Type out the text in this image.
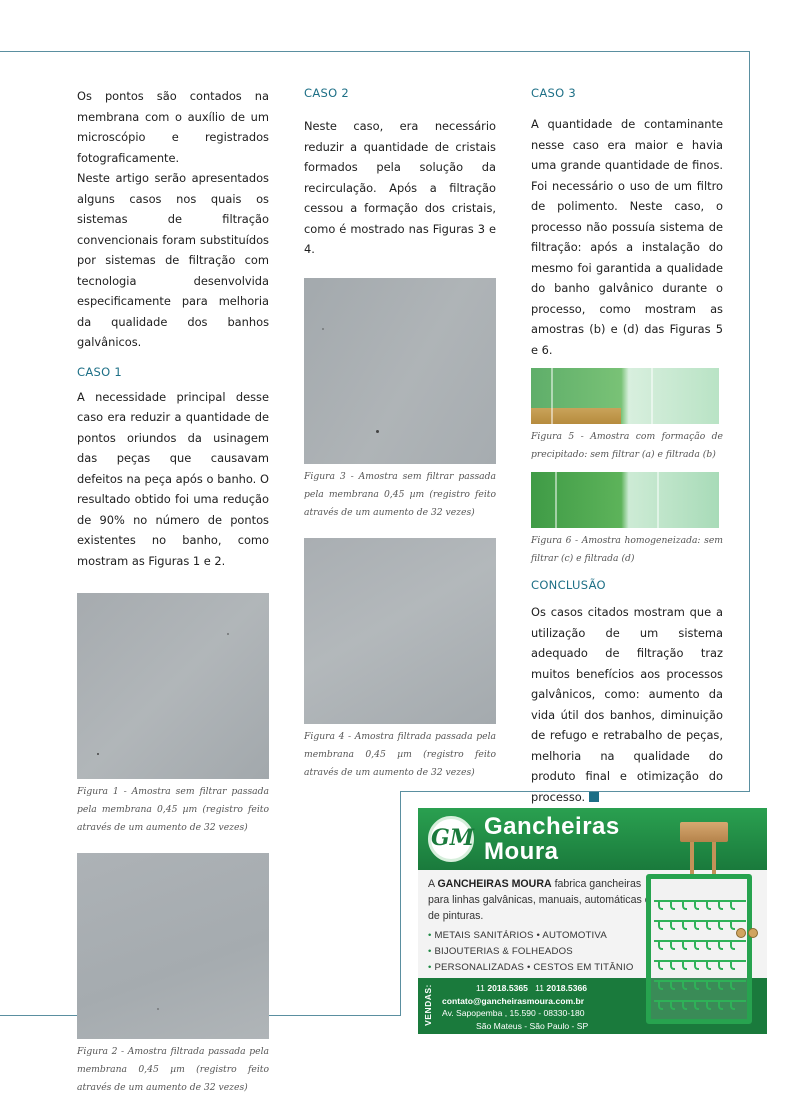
Os pontos são contados na membrana com o auxílio de um microscópio e registrados fotograficamente.

Neste artigo serão apresentados alguns casos nos quais os sistemas de filtração convencionais foram substituídos por sistemas de filtração com tecnologia desenvolvida especificamente para melhoria da qualidade dos banhos galvânicos.

CASO 1

A necessidade principal desse caso era reduzir a quantidade de pontos oriundos da usinagem das peças que causavam defeitos na peça após o banho. O resultado obtido foi uma redução de 90% no número de pontos existentes no banho, como mostram as Figuras 1 e 2.

Figura 1 - Amostra sem filtrar passada pela membrana 0,45 µm (registro feito através de um aumento de 32 vezes)

Figura 2 - Amostra filtrada passada pela membrana 0,45 µm (registro feito através de um aumento de 32 vezes)

CASO 2

Neste caso, era necessário reduzir a quantidade de cristais formados pela solução da recirculação. Após a filtração cessou a formação dos cristais, como é mostrado nas Figuras 3 e 4.

Figura 3 - Amostra sem filtrar passada pela membrana 0,45 µm (registro feito através de um aumento de 32 vezes)

Figura 4 - Amostra filtrada passada pela membrana 0,45 µm (registro feito através de um aumento de 32 vezes)

CASO 3

A quantidade de contaminante nesse caso era maior e havia uma grande quantidade de finos. Foi necessário o uso de um filtro de polimento. Neste caso, o processo não possuía sistema de filtração: após a instalação do mesmo foi garantida a qualidade do banho galvânico durante o processo, como mostram as amostras (b) e (d) das Figuras 5 e 6.

Figura 5 - Amostra com formação de precipitado: sem filtrar (a) e filtrada (b)

Figura 6 - Amostra homogeneizada: sem filtrar (c) e filtrada (d)

CONCLUSÃO

Os casos citados mostram que a utilização de um sistema adequado de filtração traz muitos benefícios aos processos galvânicos, como: aumento da vida útil dos banhos, diminuição de refugo e retrabalho de peças, melhoria na qualidade do produto final e otimização do processo.

GM Gancheiras
Moura
A GANCHEIRAS MOURA fabrica gancheiras para linhas galvânicas, manuais, automáticas e de pinturas.
• METAIS SANITÁRIOS • AUTOMOTIVA
• BIJOUTERIAS & FOLHEADOS
• PERSONALIZADAS • CESTOS EM TITÂNIO
VENDAS:	11 2018.5365 11 2018.5366
contato@gancheirasmoura.com.br
Av. Sapopemba , 15.590 - 08330-180
São Mateus - São Paulo - SP
